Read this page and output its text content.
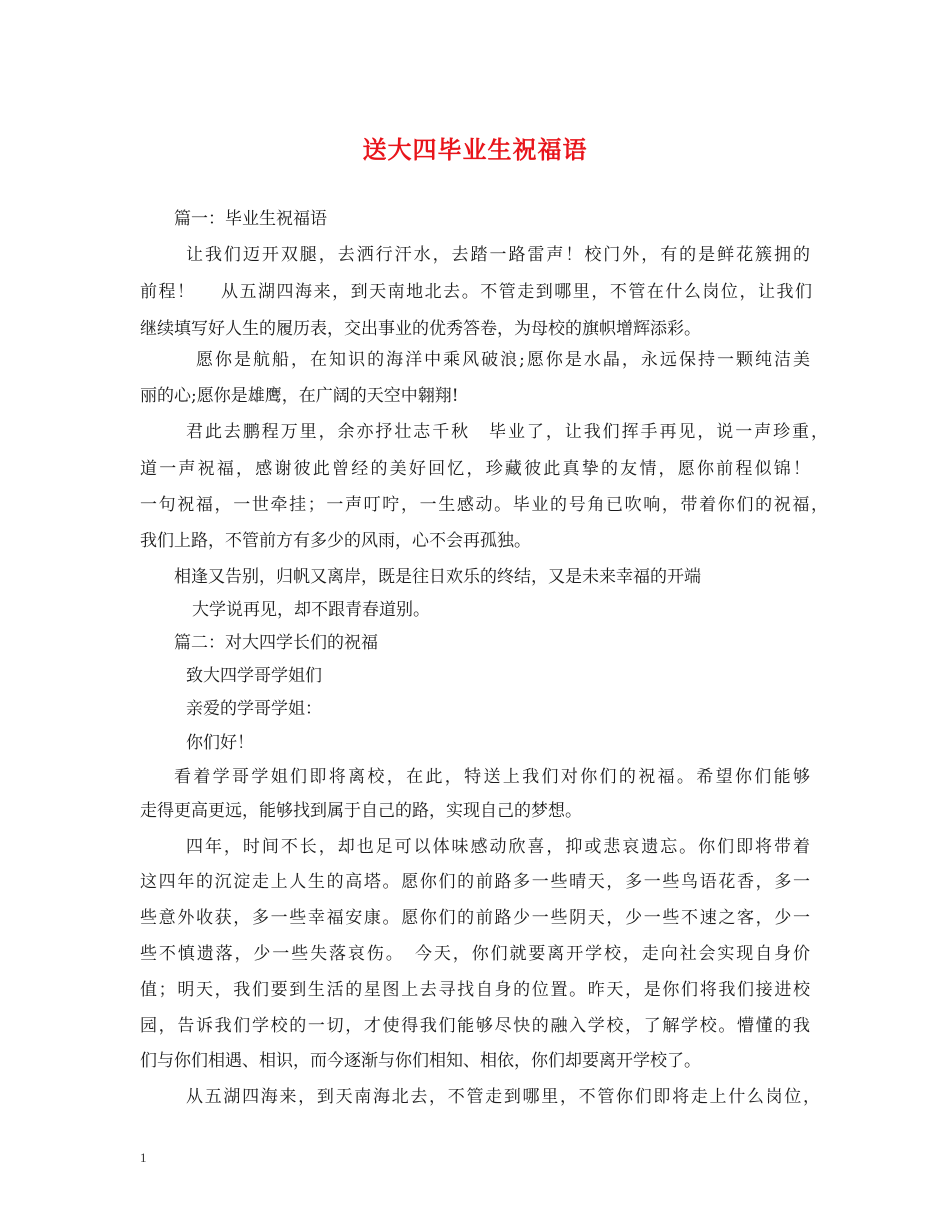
送大四毕业生祝福语
篇一：毕业生祝福语
让我们迈开双腿，去洒行汗水，去踏一路雷声！校门外，有的是鲜花簇拥的
前程！　 从五湖四海来，到天南地北去。不管走到哪里，不管在什么岗位，让我们
继续填写好人生的履历表，交出事业的优秀答卷，为母校的旗帜增辉添彩。
愿你是航船，在知识的海洋中乘风破浪;愿你是水晶，永远保持一颗纯洁美
丽的心;愿你是雄鹰，在广阔的天空中翱翔!
君此去鹏程万里，余亦抒壮志千秋　毕业了，让我们挥手再见，说一声珍重，
道一声祝福，感谢彼此曾经的美好回忆，珍藏彼此真挚的友情，愿你前程似锦！
一句祝福，一世牵挂；一声叮咛，一生感动。毕业的号角已吹响，带着你们的祝福，
我们上路，不管前方有多少的风雨，心不会再孤独。
相逢又告别，归帆又离岸，既是往日欢乐的终结，又是未来幸福的开端
大学说再见，却不跟青春道别。
篇二：对大四学长们的祝福
致大四学哥学姐们
亲爱的学哥学姐：
你们好！
看着学哥学姐们即将离校，在此，特送上我们对你们的祝福。希望你们能够
走得更高更远，能够找到属于自己的路，实现自己的梦想。
四年，时间不长，却也足可以体味感动欣喜，抑或悲哀遗忘。你们即将带着
这四年的沉淀走上人生的高塔。愿你们的前路多一些晴天，多一些鸟语花香，多一
些意外收获，多一些幸福安康。愿你们的前路少一些阴天，少一些不速之客，少一
些不慎遗落，少一些失落哀伤。　今天，你们就要离开学校，走向社会实现自身价
值；明天，我们要到生活的星图上去寻找自身的位置。昨天，是你们将我们接进校
园，告诉我们学校的一切，才使得我们能够尽快的融入学校，了解学校。懵懂的我
们与你们相遇、相识，而今逐渐与你们相知、相依，你们却要离开学校了。
从五湖四海来，到天南海北去，不管走到哪里，不管你们即将走上什么岗位，
1
